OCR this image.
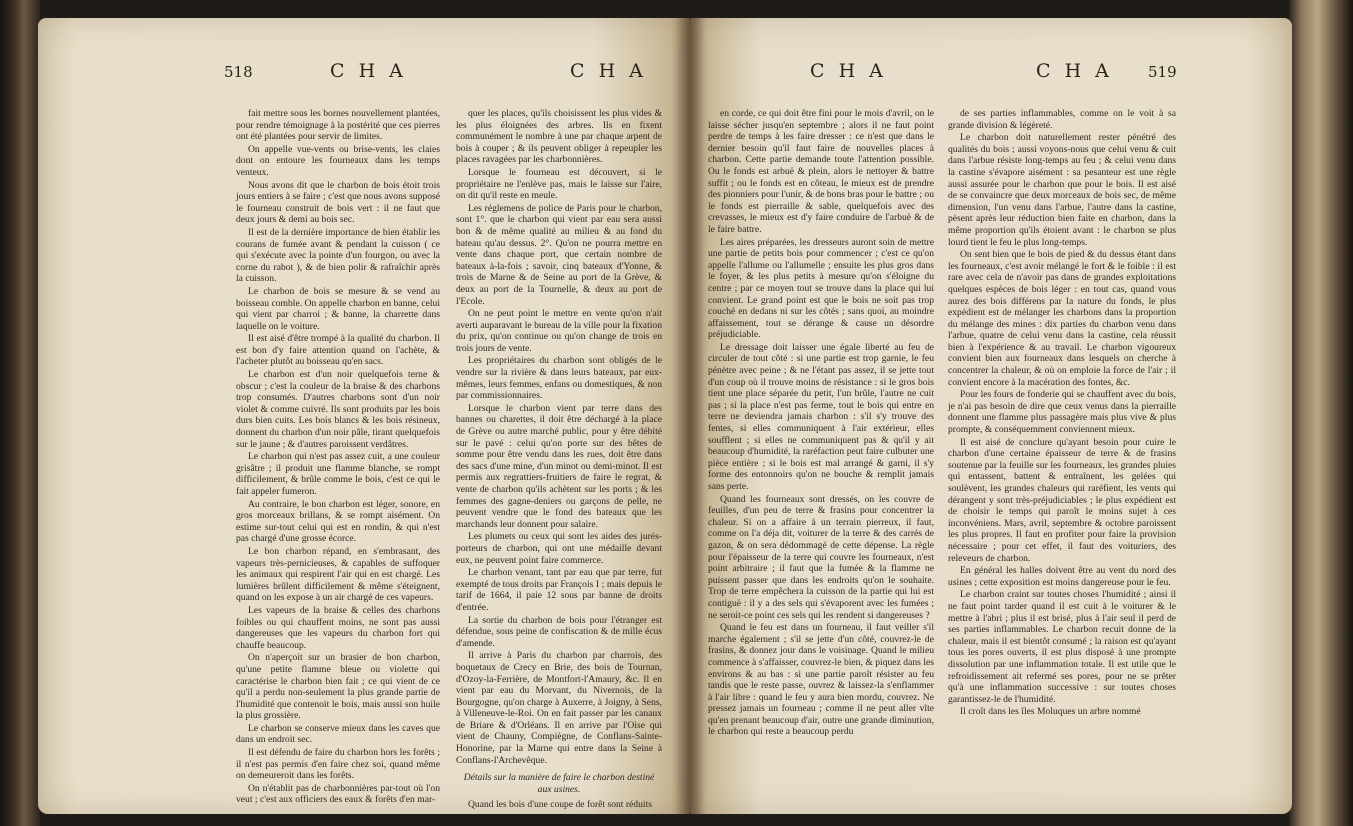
518	C H A	C H A

fait mettre sous les bornes nouvellement plantées, pour rendre témoignage à la postérité que ces pierres ont été plantées pour servir de limites.

On appelle vue-vents ou brise-vents, les claies dont on entoure les fourneaux dans les temps venteux.

Nous avons dit que le charbon de bois étoit trois jours entiers à se faire ; c'est que nous avons supposé le fourneau construit de bois vert : il ne faut que deux jours & demi au bois sec.

Il est de la dernière importance de bien établir les courans de fumée avant & pendant la cuisson ( ce qui s'exécute avec la pointe d'un fourgon, ou avec la corne du rabot ), & de bien polir & rafraîchir après la cuisson.

Le charbon de bois se mesure & se vend au boisseau comble. On appelle charbon en banne, celui qui vient par charroi ; & banne, la charrette dans laquelle on le voiture.

Il est aisé d'être trompé à la qualité du charbon. Il est bon d'y faire attention quand on l'achète, & l'acheter plutôt au boisseau qu'en sacs.

Le charbon est d'un noir quelquefois terne & obscur ; c'est la couleur de la braise & des charbons trop consumés. D'autres charbons sont d'un noir violet & comme cuivré. Ils sont produits par les bois durs bien cuits. Les bois blancs & les bois résineux, donnent du charbon d'un noir pâle, tirant quelquefois sur le jaune ; & d'autres paroissent verdâtres.

Le charbon qui n'est pas assez cuit, a une couleur grisâtre ; il produit une flamme blanche, se rompt difficilement, & brûle comme le bois, c'est ce qui le fait appeler fumeron.

Au contraire, le bon charbon est léger, sonore, en gros morceaux brillans, & se rompt aisément. On estime sur-tout celui qui est en rondin, & qui n'est pas chargé d'une grosse écorce.

Le bon charbon répand, en s'embrasant, des vapeurs très-pernicieuses, & capables de suffoquer les animaux qui respirent l'air qui en est chargé. Les lumières brûlent difficilement & même s'éteignent, quand on les expose à un air chargé de ces vapeurs.

Les vapeurs de la braise & celles des charbons foibles ou qui chauffent moins, ne sont pas aussi dangereuses que les vapeurs du charbon fort qui chauffe beaucoup.

On n'aperçoit sur un brasier de bon charbon, qu'une petite flamme bleue ou violette qui caractérise le charbon bien fait ; ce qui vient de ce qu'il a perdu non-seulement la plus grande partie de l'humidité que contenoit le bois, mais aussi son huile la plus grossière.

Le charbon se conserve mieux dans les caves que dans un endroit sec.

Il est défendu de faire du charbon hors les forêts ; il n'est pas permis d'en faire chez soi, quand même on demeureroit dans les forêts.

On n'établit pas de charbonnières par-tout où l'on veut ; c'est aux officiers des eaux & forêts d'en mar-

quer les places, qu'ils choisissent les plus vides & les plus éloignées des arbres. Ils en fixent communément le nombre à une par chaque arpent de bois à couper ; & ils peuvent obliger à repeupler les places ravagées par les charbonnières.

Lorsque le fourneau est découvert, si le propriétaire ne l'enlève pas, mais le laisse sur l'aire, on dit qu'il reste en meule.

Les réglemens de police de Paris pour le charbon, sont 1°. que le charbon qui vient par eau sera aussi bon & de même qualité au milieu & au fond du bateau qu'au dessus. 2°. Qu'on ne pourra mettre en vente dans chaque port, que certain nombre de bateaux à-la-fois ; savoir, cinq bateaux d'Yonne, & trois de Marne & de Seine au port de la Grève, & deux au port de la Tournelle, & deux au port de l'Ecole.

On ne peut point le mettre en vente qu'on n'ait averti auparavant le bureau de la ville pour la fixation du prix, qu'on continue ou qu'on change de trois en trois jours de vente.

Les propriétaires du charbon sont obligés de le vendre sur la rivière & dans leurs bateaux, par eux-mêmes, leurs femmes, enfans ou domestiques, & non par commissionnaires.

Lorsque le charbon vient par terre dans des bannes ou charettes, il doit être déchargé à la place de Grève ou autre marché public, pour y être débité sur le pavé : celui qu'on porte sur des bêtes de somme pour être vendu dans les rues, doit être dans des sacs d'une mine, d'un minot ou demi-minot. Il est permis aux regrattiers-fruitiers de faire le regrat, & vente de charbon qu'ils achètent sur les ports ; & les femmes des gagne-deniers ou garçons de pelle, ne peuvent vendre que le fond des bateaux que les marchands leur donnent pour salaire.

Les plumets ou ceux qui sont les aides des jurés-porteurs de charbon, qui ont une médaille devant eux, ne peuvent point faire commerce.

Le charbon venant, tant par eau que par terre, fut exempté de tous droits par François I ; mais depuis le tarif de 1664, il paie 12 sous par banne de droits d'entrée.

La sortie du charbon de bois pour l'étranger est défendue, sous peine de confiscation & de mille écus d'amende.

Il arrive à Paris du charbon par charrois, des boquetaux de Crecy en Brie, des bois de Tournan, d'Ozoy-la-Ferrière, de Montfort-l'Amaury, &c. Il en vient par eau du Morvant, du Nivernois, de la Bourgogne, qu'on charge à Auxerre, à Joigny, à Sens, à Villeneuve-le-Roi. On en fait passer par les canaux de Briare & d'Orléans. Il en arrive par l'Oise qui vient de Chauny, Compiègne, de Conflans-Sainte-Honorine, par la Marne qui entre dans la Seine à Conflans-l'Archevêque.

Détails sur la manière de faire le charbon destiné aux usines.

Quand les bois d'une coupe de forêt sont réduits

C H A	C H A 519

en corde, ce qui doit être fini pour le mois d'avril, on le laisse sécher jusqu'en septembre ; alors il ne faut point perdre de temps à les faire dresser : ce n'est que dans le dernier besoin qu'il faut faire de nouvelles places à charbon. Cette partie demande toute l'attention possible. Ou le fonds est arbuë & plein, alors le nettoyer & battre suffit ; ou le fonds est en côteau, le mieux est de prendre des pionniers pour l'unir, & de bons bras pour le battre ; ou le fonds est pierraille & sable, quelquefois avec des crevasses, le mieux est d'y faire conduire de l'arbuë & de le faire battre.

Les aires préparées, les dresseurs auront soin de mettre une partie de petits bois pour commencer ; c'est ce qu'on appelle l'allume ou l'allumelle ; ensuite les plus gros dans le foyer, & les plus petits à mesure qu'on s'éloigne du centre ; par ce moyen tout se trouve dans la place qui lui convient. Le grand point est que le bois ne soit pas trop couché en dedans ni sur les côtés ; sans quoi, au moindre affaissement, tout se dérange & cause un désordre préjudiciable.

Le dressage doit laisser une égale liberté au feu de circuler de tout côté : si une partie est trop garnie, le feu pénètre avec peine ; & ne l'étant pas assez, il se jette tout d'un coup où il trouve moins de résistance : si le gros bois tient une place séparée du petit, l'un brûle, l'autre ne cuit pas ; si la place n'est pas ferme, tout le bois qui entre en terre ne deviendra jamais charbon : s'il s'y trouve des fentes, si elles communiquent à l'air extérieur, elles soufflent ; si elles ne communiquent pas & qu'il y ait beaucoup d'humidité, la raréfaction peut faire culbuter une pièce entière ; si le bois est mal arrangé & garni, il s'y forme des entonnoirs qu'on ne bouche & remplit jamais sans perte.

Quand les fourneaux sont dressés, on les couvre de feuilles, d'un peu de terre & frasins pour concentrer la chaleur. Si on a affaire à un terrain pierreux, il faut, comme on l'a déja dit, voiturer de la terre & des carrés de gazon, & on sera dédommagé de cette dépense. La règle pour l'épaisseur de la terre qui couvre les fourneaux, n'est point arbitraire ; il faut que la fumée & la flamme ne puissent passer que dans les endroits qu'on le souhaite. Trop de terre empêchera la cuisson de la partie qui lui est contiguë : il y a des sels qui s'évaporent avec les fumées ; ne seroit-ce point ces sels qui les rendent si dangereuses ?

Quand le feu est dans un fourneau, il faut veiller s'il marche également ; s'il se jette d'un côté, couvrez-le de frasins, & donnez jour dans le voisinage. Quand le milieu commence à s'affaisser, couvrez-le bien, & piquez dans les environs & au bas : si une partie paroît résister au feu tandis que le reste passe, ouvrez & laissez-la s'enflammer à l'air libre : quand le feu y aura bien mordu, couvrez. Ne pressez jamais un fourneau ; comme il ne peut aller vîte qu'en prenant beaucoup d'air, outre une grande diminution, le charbon qui reste a beaucoup perdu

de ses parties inflammables, comme on le voit à sa grande division & légèreté.

Le charbon doit naturellement rester pénétré des qualités du bois ; aussi voyons-nous que celui venu & cuit dans l'arbue résiste long-temps au feu ; & celui venu dans la castine s'évapore aisément : sa pesanteur est une règle aussi assurée pour le charbon que pour le bois. Il est aisé de se convaincre que deux morceaux de bois sec, de même dimension, l'un venu dans l'arbue, l'autre dans la castine, pèsent après leur réduction bien faite en charbon, dans la même proportion qu'ils étoient avant : le charbon se plus lourd tient le feu le plus long-temps.

On sent bien que le bois de pied & du dessus étant dans les fourneaux, c'est avoir mélangé le fort & le foible : il est rare avec cela de n'avoir pas dans de grandes exploitations quelques espèces de bois léger : en tout cas, quand vous aurez des bois différens par la nature du fonds, le plus expédient est de mélanger les charbons dans la proportion du mélange des mines : dix parties du charbon venu dans l'arbue, quatre de celui venu dans la castine, cela réussit bien à l'expérience & au travail. Le charbon vigoureux convient bien aux fourneaux dans lesquels on cherche à concentrer la chaleur, & où on emploie la force de l'air ; il convient encore à la macération des fontes, &c.

Pour les fours de fonderie qui se chauffent avec du bois, je n'ai pas besoin de dire que ceux venus dans la pierraille donnent une flamme plus passagère mais plus vive & plus prompte, & conséquemment conviennent mieux.

Il est aisé de conclure qu'ayant besoin pour cuire le charbon d'une certaine épaisseur de terre & de frasins soutenue par la feuille sur les fourneaux, les grandes pluies qui entassent, battent & entraînent, les gelées qui soulèvent, les grandes chaleurs qui raréfient, les vents qui dérangent y sont très-préjudiciables ; le plus expédient est de choisir le temps qui paroît le moins sujet à ces inconvéniens. Mars, avril, septembre & octobre paroissent les plus propres. Il faut en profiter pour faire la provision nécessaire ; pour cet effet, il faut des voituriers, des releveurs de charbon.

En général les halles doivent être au vent du nord des usines ; cette exposition est moins dangereuse pour le feu.

Le charbon craint sur toutes choses l'humidité ; ainsi il ne faut point tarder quand il est cuit à le voiturer & le mettre à l'abri ; plus il est brisé, plus à l'air seul il perd de ses parties inflammables. Le charbon recuit donne de la chaleur, mais il est bientôt consumé ; la raison est qu'ayant tous les pores ouverts, il est plus disposé à une prompte dissolution par une inflammation totale. Il est utile que le refroidissement ait refermé ses pores, pour ne se prêter qu'à une inflammation successive : sur toutes choses garantissez-le de l'humidité.

Il croît dans les îles Moluques un arbre nommé
